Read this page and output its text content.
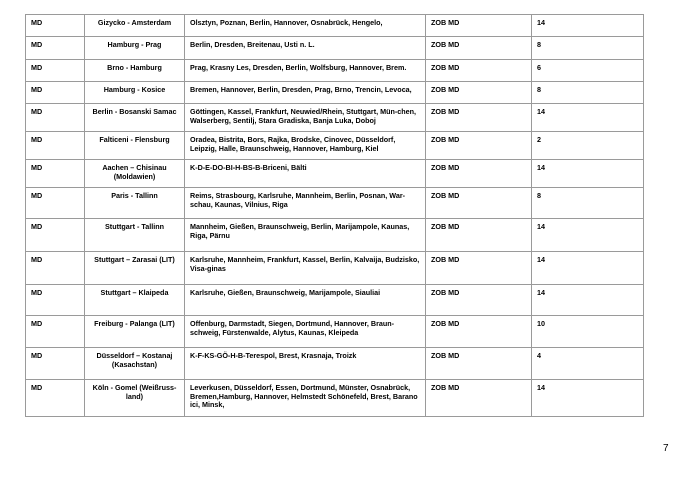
MD	Gizycko - Amsterdam	Olsztyn, Poznan, Berlin, Hannover, Osnabrück, Hengelo,	ZOB MD	14
MD	Hamburg - Prag	Berlin, Dresden, Breitenau, Usti n. L.	ZOB MD	8
MD	Brno - Hamburg	Prag, Krasny Les, Dresden, Berlin, Wolfsburg, Hannover, Brem.	ZOB MD	6
MD	Hamburg - Kosice	Bremen, Hannover, Berlin, Dresden, Prag, Brno, Trencin, Levoca,	ZOB MD	8
MD	Berlin - Bosanski Samac	Göttingen, Kassel, Frankfurt, Neuwied/Rhein, Stuttgart, Mün-chen, Walserberg, Sentilj, Stara Gradiska, Banja Luka, Doboj	ZOB MD	14
MD	Falticeni - Flensburg	Oradea, Bistrita, Bors, Rajka, Brodske, Cinovec, Düsseldorf, Leipzig, Halle, Braunschweig, Hannover, Hamburg, Kiel	ZOB MD	2
MD	Aachen – Chisinau (Moldawien)	K-D-E-DO-BI-H-BS-B-Briceni, Bälti	ZOB MD	14
MD	Paris - Tallinn	Reims, Strasbourg, Karlsruhe, Mannheim, Berlin, Posnan, War-schau, Kaunas, Vilnius, Riga	ZOB MD	8
MD	Stuttgart - Tallinn	Mannheim, Gießen, Braunschweig, Berlin, Marijampole, Kaunas, Riga, Pärnu	ZOB MD	14
MD	Stuttgart – Zarasai (LIT)	Karlsruhe, Mannheim, Frankfurt, Kassel, Berlin, Kalvaija, Budzisko, Visa-ginas	ZOB MD	14
MD	Stuttgart – Klaipeda	Karlsruhe, Gießen, Braunschweig, Marijampole, Siauliai	ZOB MD	14
MD	Freiburg - Palanga (LIT)	Offenburg, Darmstadt, Siegen, Dortmund, Hannover, Braun-schweig, Fürstenwalde, Alytus, Kaunas, Kleipeda	ZOB MD	10
MD	Düsseldorf – Kostanaj (Kasachstan)	K-F-KS-GÖ-H-B-Terespol, Brest, Krasnaja, Troizk	ZOB MD	4
MD	Köln - Gomel (Weißruss-land)	Leverkusen, Düsseldorf, Essen, Dortmund, Münster, Osnabrück, Bremen,Hamburg, Hannover, Helmstedt Schönefeld, Brest, Barano ici, Minsk,	ZOB MD	14
7
